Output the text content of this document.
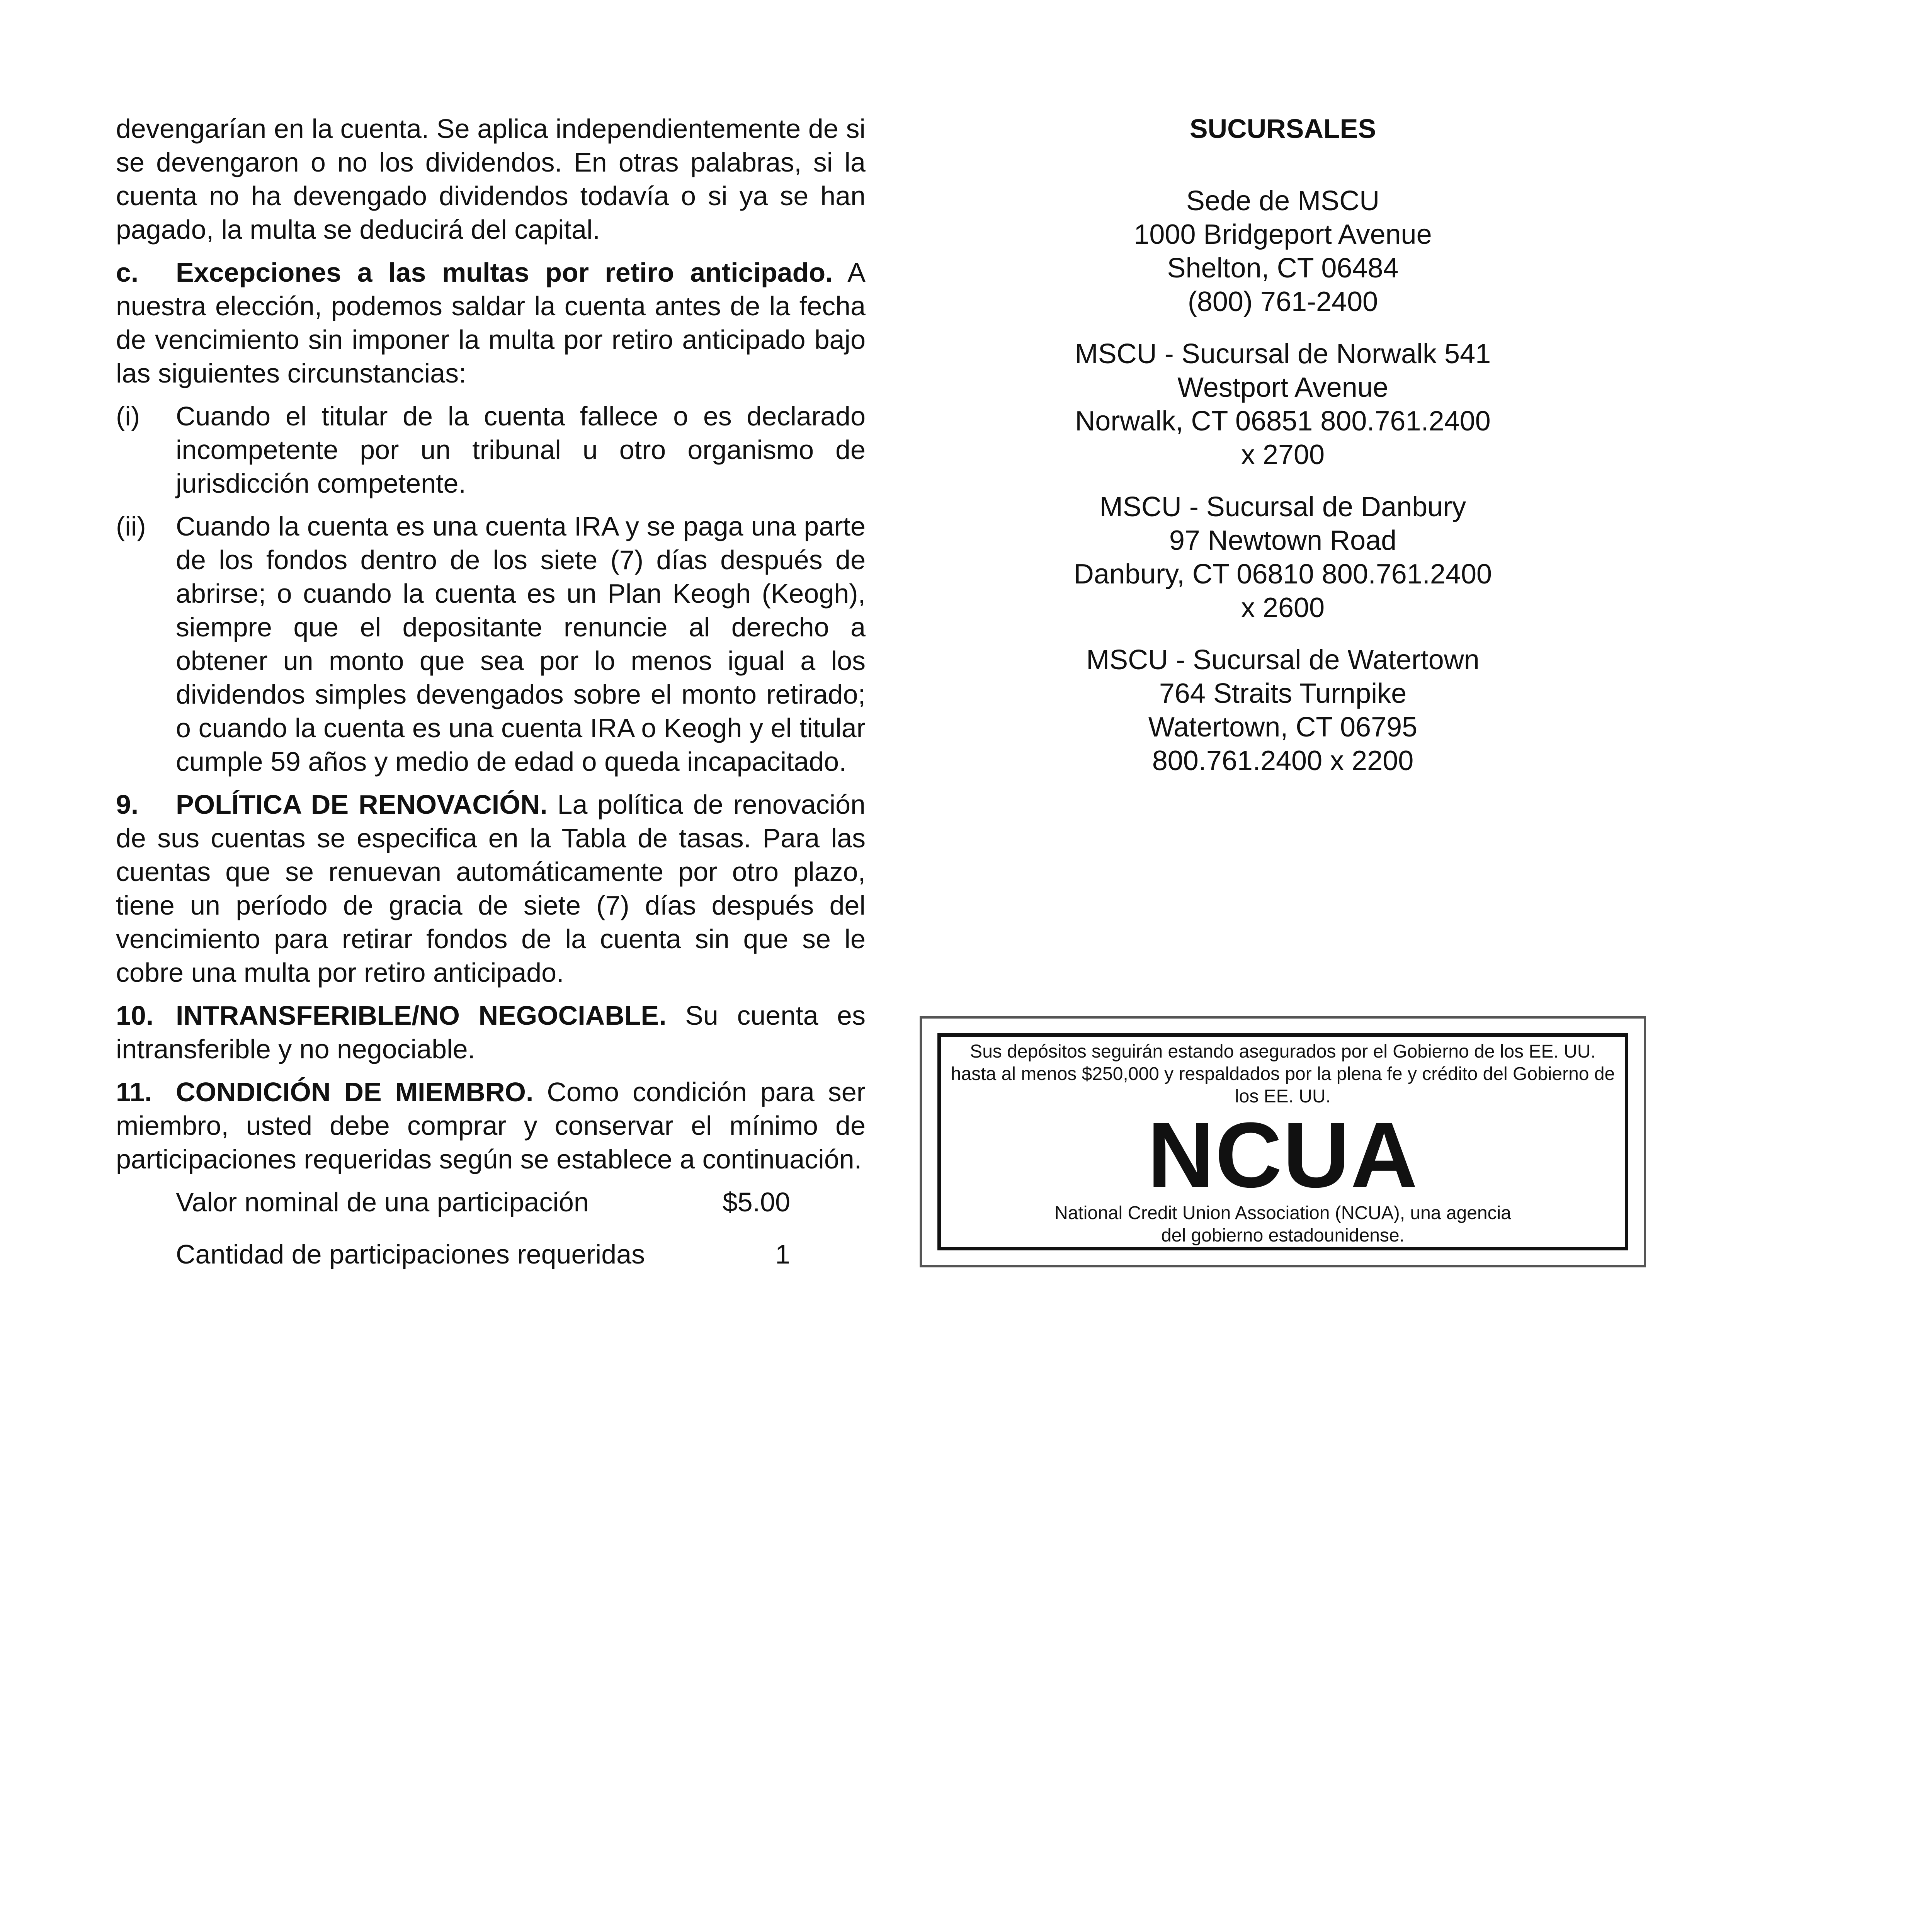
devengarían en la cuenta. Se aplica independientemente de si se devengaron o no los dividendos. En otras palabras, si la cuenta no ha devengado dividendos todavía o si ya se han pagado, la multa se deducirá del capital.

c. Excepciones a las multas por retiro anticipado. A nuestra elección, podemos saldar la cuenta antes de la fecha de vencimiento sin imponer la multa por retiro anticipado bajo las siguientes circunstancias:

(i)	Cuando el titular de la cuenta fallece o es declarado incompetente por un tribunal u otro organismo de jurisdicción competente.
(ii)	Cuando la cuenta es una cuenta IRA y se paga una parte de los fondos dentro de los siete (7) días después de abrirse; o cuando la cuenta es un Plan Keogh (Keogh), siempre que el depositante renuncie al derecho a obtener un monto que sea por lo menos igual a los dividendos simples devengados sobre el monto retirado; o cuando la cuenta es una cuenta IRA o Keogh y el titular cumple 59 años y medio de edad o queda incapacitado.

9. POLÍTICA DE RENOVACIÓN. La política de renovación de sus cuentas se especifica en la Tabla de tasas. Para las cuentas que se renuevan automáticamente por otro plazo, tiene un período de gracia de siete (7) días después del vencimiento para retirar fondos de la cuenta sin que se le cobre una multa por retiro anticipado.

10. INTRANSFERIBLE/NO NEGOCIABLE. Su cuenta es intransferible y no negociable.

11. CONDICIÓN DE MIEMBRO. Como condición para ser miembro, usted debe comprar y conservar el mínimo de participaciones requeridas según se establece a continuación.

Valor nominal de una participación	$5.00
Cantidad de participaciones requeridas	1
SUCURSALES
Sede de MSCU
1000 Bridgeport Avenue
Shelton, CT 06484
(800) 761-2400
MSCU - Sucursal de Norwalk 541
Westport Avenue
Norwalk, CT 06851 800.761.2400
x 2700
MSCU - Sucursal de Danbury
97 Newtown Road
Danbury, CT 06810 800.761.2400
x 2600
MSCU - Sucursal de Watertown
764 Straits Turnpike
Watertown, CT 06795
800.761.2400 x 2200
Sus depósitos seguirán estando asegurados por el Gobierno de los EE. UU. hasta al menos $250,000 y respaldados por la plena fe y crédito del Gobierno de los EE. UU.
NCUA
National Credit Union Association (NCUA), una agencia
del gobierno estadounidense.
